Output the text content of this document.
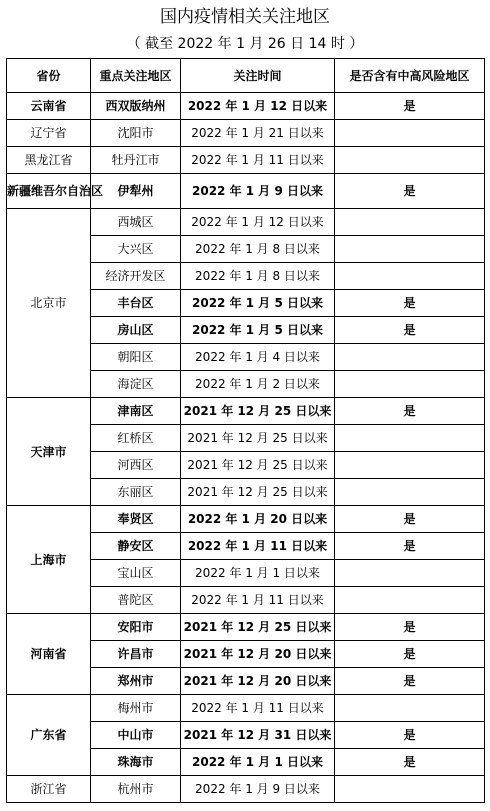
国内疫情相关关注地区
（ 截至 2022 年 1 月 26 日 14 时 ）
省份	重点关注地区	关注时间	是否含有中高风险地区
云南省	西双版纳州	2022 年 1 月 12 日以来	是
辽宁省	沈阳市	2022 年 1 月 21 日以来	
黑龙江省	牡丹江市	2022 年 1 月 11 日以来	
新疆维吾尔自治区	伊犁州	2022 年 1 月 9 日以来	是
北京市	西城区	2022 年 1 月 12 日以来	
	大兴区	2022 年 1 月 8 日以来	
	经济开发区	2022 年 1 月 8 日以来	
	丰台区	2022 年 1 月 5 日以来	是
	房山区	2022 年 1 月 5 日以来	是
	朝阳区	2022 年 1 月 4 日以来	
	海淀区	2022 年 1 月 2 日以来	
天津市	津南区	2021 年 12 月 25 日以来	是
	红桥区	2021 年 12 月 25 日以来	
	河西区	2021 年 12 月 25 日以来	
	东丽区	2021 年 12 月 25 日以来	
上海市	奉贤区	2022 年 1 月 20 日以来	是
	静安区	2022 年 1 月 11 日以来	是
	宝山区	2022 年 1 月 1 日以来	
	普陀区	2022 年 1 月 11 日以来	
河南省	安阳市	2021 年 12 月 25 日以来	是
	许昌市	2021 年 12 月 20 日以来	是
	郑州市	2021 年 12 月 20 日以来	是
广东省	梅州市	2022 年 1 月 11 日以来	
	中山市	2021 年 12 月 31 日以来	是
	珠海市	2022 年 1 月 1 日以来	是
浙江省	杭州市	2022 年 1 月 9 日以来	
